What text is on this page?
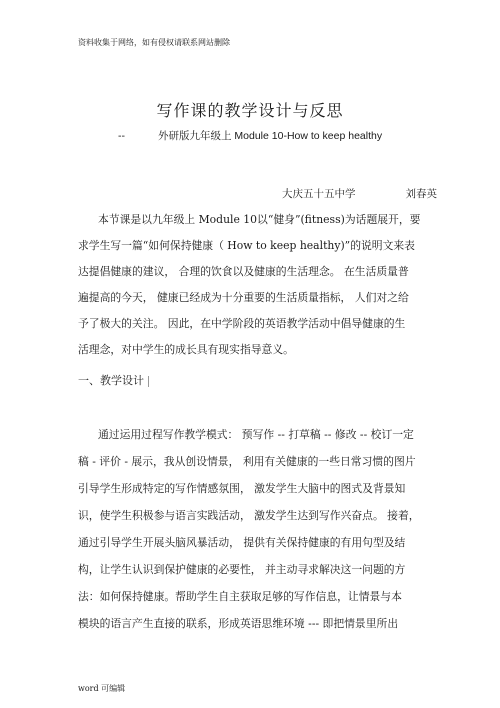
资料收集于网络，如有侵权请联系网站删除
写作课的教学设计与反思
--	外研版九年级上 Module 10-How to keep healthy
大庆五十五中学	刘春英
本节课是以九年级上 Module 10以“健身”(fitness)为话题展开，要
求学生写一篇“如何保持健康（ How to keep healthy)”的说明文来表
达提倡健康的建议， 合理的饮食以及健康的生活理念。 在生活质量普
遍提高的今天， 健康已经成为十分重要的生活质量指标， 人们对之给
予了极大的关注。 因此，在中学阶段的英语教学活动中倡导健康的生
活理念，对中学生的成长具有现实指导意义。
一、教学设计
通过运用过程写作教学模式： 预写作 -- 打草稿 -- 修改 -- 校订一定
稿 - 评价 - 展示，我从创设情景， 利用有关健康的一些日常习惯的图片
引导学生形成特定的写作情感氛围， 激发学生大脑中的图式及背景知
识，使学生积极参与语言实践活动， 激发学生达到写作兴奋点。 接着，
通过引导学生开展头脑风暴活动， 提供有关保持健康的有用句型及结
构，让学生认识到保护健康的必要性， 并主动寻求解决这一问题的方
法：如何保持健康。帮助学生自主获取足够的写作信息，让情景与本
模块的语言产生直接的联系，形成英语思维环境 --- 即把情景里所出
word 可编辑
